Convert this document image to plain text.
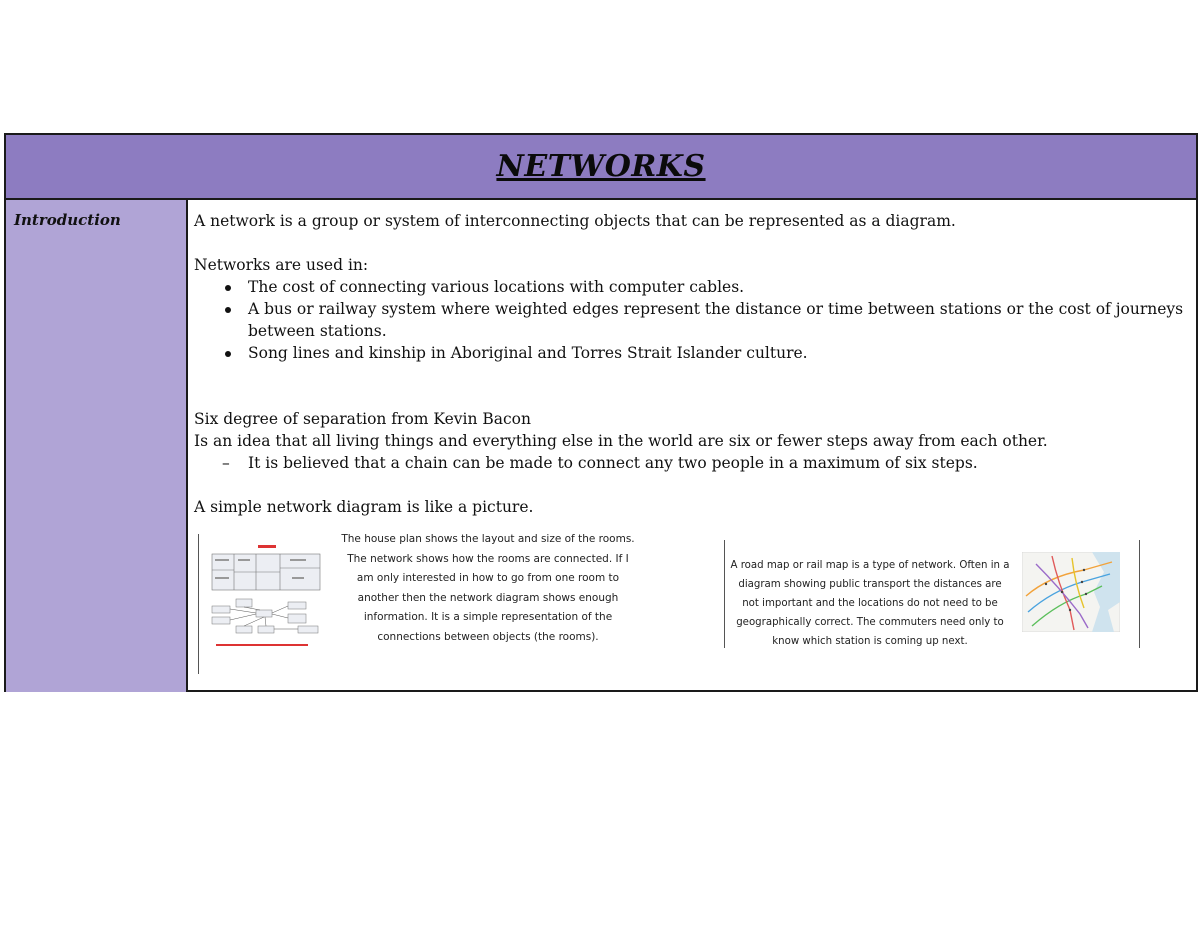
NETWORKS
Introduction	A network is a group or system of interconnecting objects that can be represented as a diagram.

Networks are used in:

The cost of connecting various locations with computer cables.
A bus or railway system where weighted edges represent the distance or time between stations or the cost of journeys between stations.
Song lines and kinship in Aboriginal and Torres Strait Islander culture.

Six degree of separation from Kevin Bacon

Is an idea that all living things and everything else in the world are six or fewer steps away from each other.

– It is believed that a chain can be made to connect any two people in a maximum of six steps.

A simple network diagram is like a picture.

The house plan shows the layout and size of the rooms. The network shows how the rooms are connected. If I am only interested in how to go from one room to another then the network diagram shows enough information. It is a simple representation of the connections between objects (the rooms).
A road map or rail map is a type of network. Often in a diagram showing public transport the distances are not important and the locations do not need to be geographically correct. The commuters need only to know which station is coming up next.
